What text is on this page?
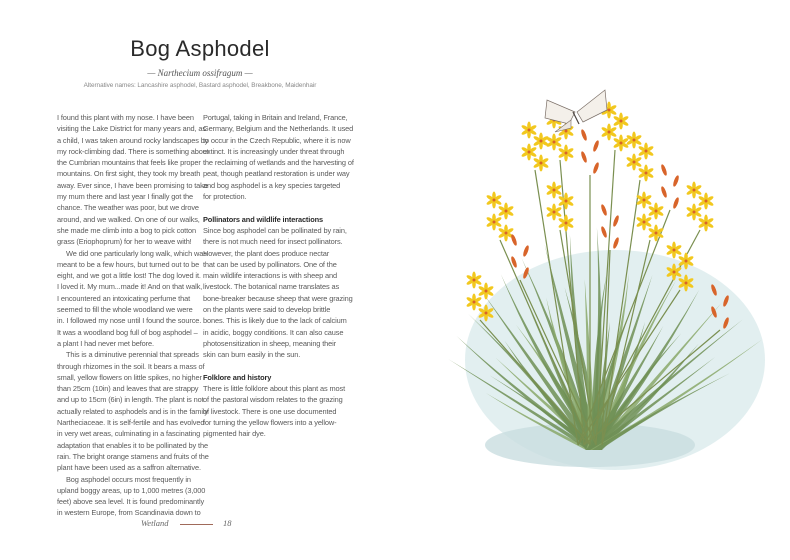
Bog Asphodel
— Narthecium ossifragum —
Alternative names: Lancashire asphodel, Bastard asphodel, Breakbone, Maidenhair
I found this plant with my nose. I have been
visiting the Lake District for many years and, as
a child, I was taken around rocky landscapes by
my rock-climbing dad. There is something about
the Cumbrian mountains that feels like proper
mountains. On first sight, they took my breath
away. Ever since, I have been promising to take
my mum there and last year I finally got the
chance. The weather was poor, but we drove
around, and we walked. On one of our walks,
she made me climb into a bog to pick cotton
grass (Eriophoprum) for her to weave with!
We did one particularly long walk, which was
meant to be a few hours, but turned out to be
eight, and we got a little lost! The dog loved it.
I loved it. My mum...made it! And on that walk,
I encountered an intoxicating perfume that
seemed to fill the whole woodland we were
in. I followed my nose until I found the source.
It was a woodland bog full of bog asphodel –
a plant I had never met before.
This is a diminutive perennial that spreads
through rhizomes in the soil. It bears a mass of
small, yellow flowers on little spikes, no higher
than 25cm (10in) and leaves that are strappy
and up to 15cm (6in) in length. The plant is not
actually related to asphodels and is in the family
Nartheciaceae. It is self-fertile and has evolved
in very wet areas, culminating in a fascinating
adaptation that enables it to be pollinated by the
rain. The bright orange stamens and fruits of the
plant have been used as a saffron alternative.
Bog asphodel occurs most frequently in
upland boggy areas, up to 1,000 metres (3,000
feet) above sea level. It is found predominantly
in western Europe, from Scandinavia down to
Portugal, taking in Britain and Ireland, France,
Germany, Belgium and the Netherlands. It used
to occur in the Czech Republic, where it is now
extinct. It is increasingly under threat through
the reclaiming of wetlands and the harvesting of
peat, though peatland restoration is under way
and bog asphodel is a key species targeted
for protection.
Pollinators and wildlife interactions
Since bog asphodel can be pollinated by rain,
there is not much need for insect pollinators.
However, the plant does produce nectar
that can be used by pollinators. One of the
main wildlife interactions is with sheep and
livestock. The botanical name translates as
bone-breaker because sheep that were grazing
on the plants were said to develop brittle
bones. This is likely due to the lack of calcium
in acidic, boggy conditions. It can also cause
photosensitization in sheep, meaning their
skin can burn easily in the sun.
Folklore and history
There is little folklore about this plant as most
of the pastoral wisdom relates to the grazing
of livestock. There is one use documented
for turning the yellow flowers into a yellow-
pigmented hair dye.
Wetland	18
